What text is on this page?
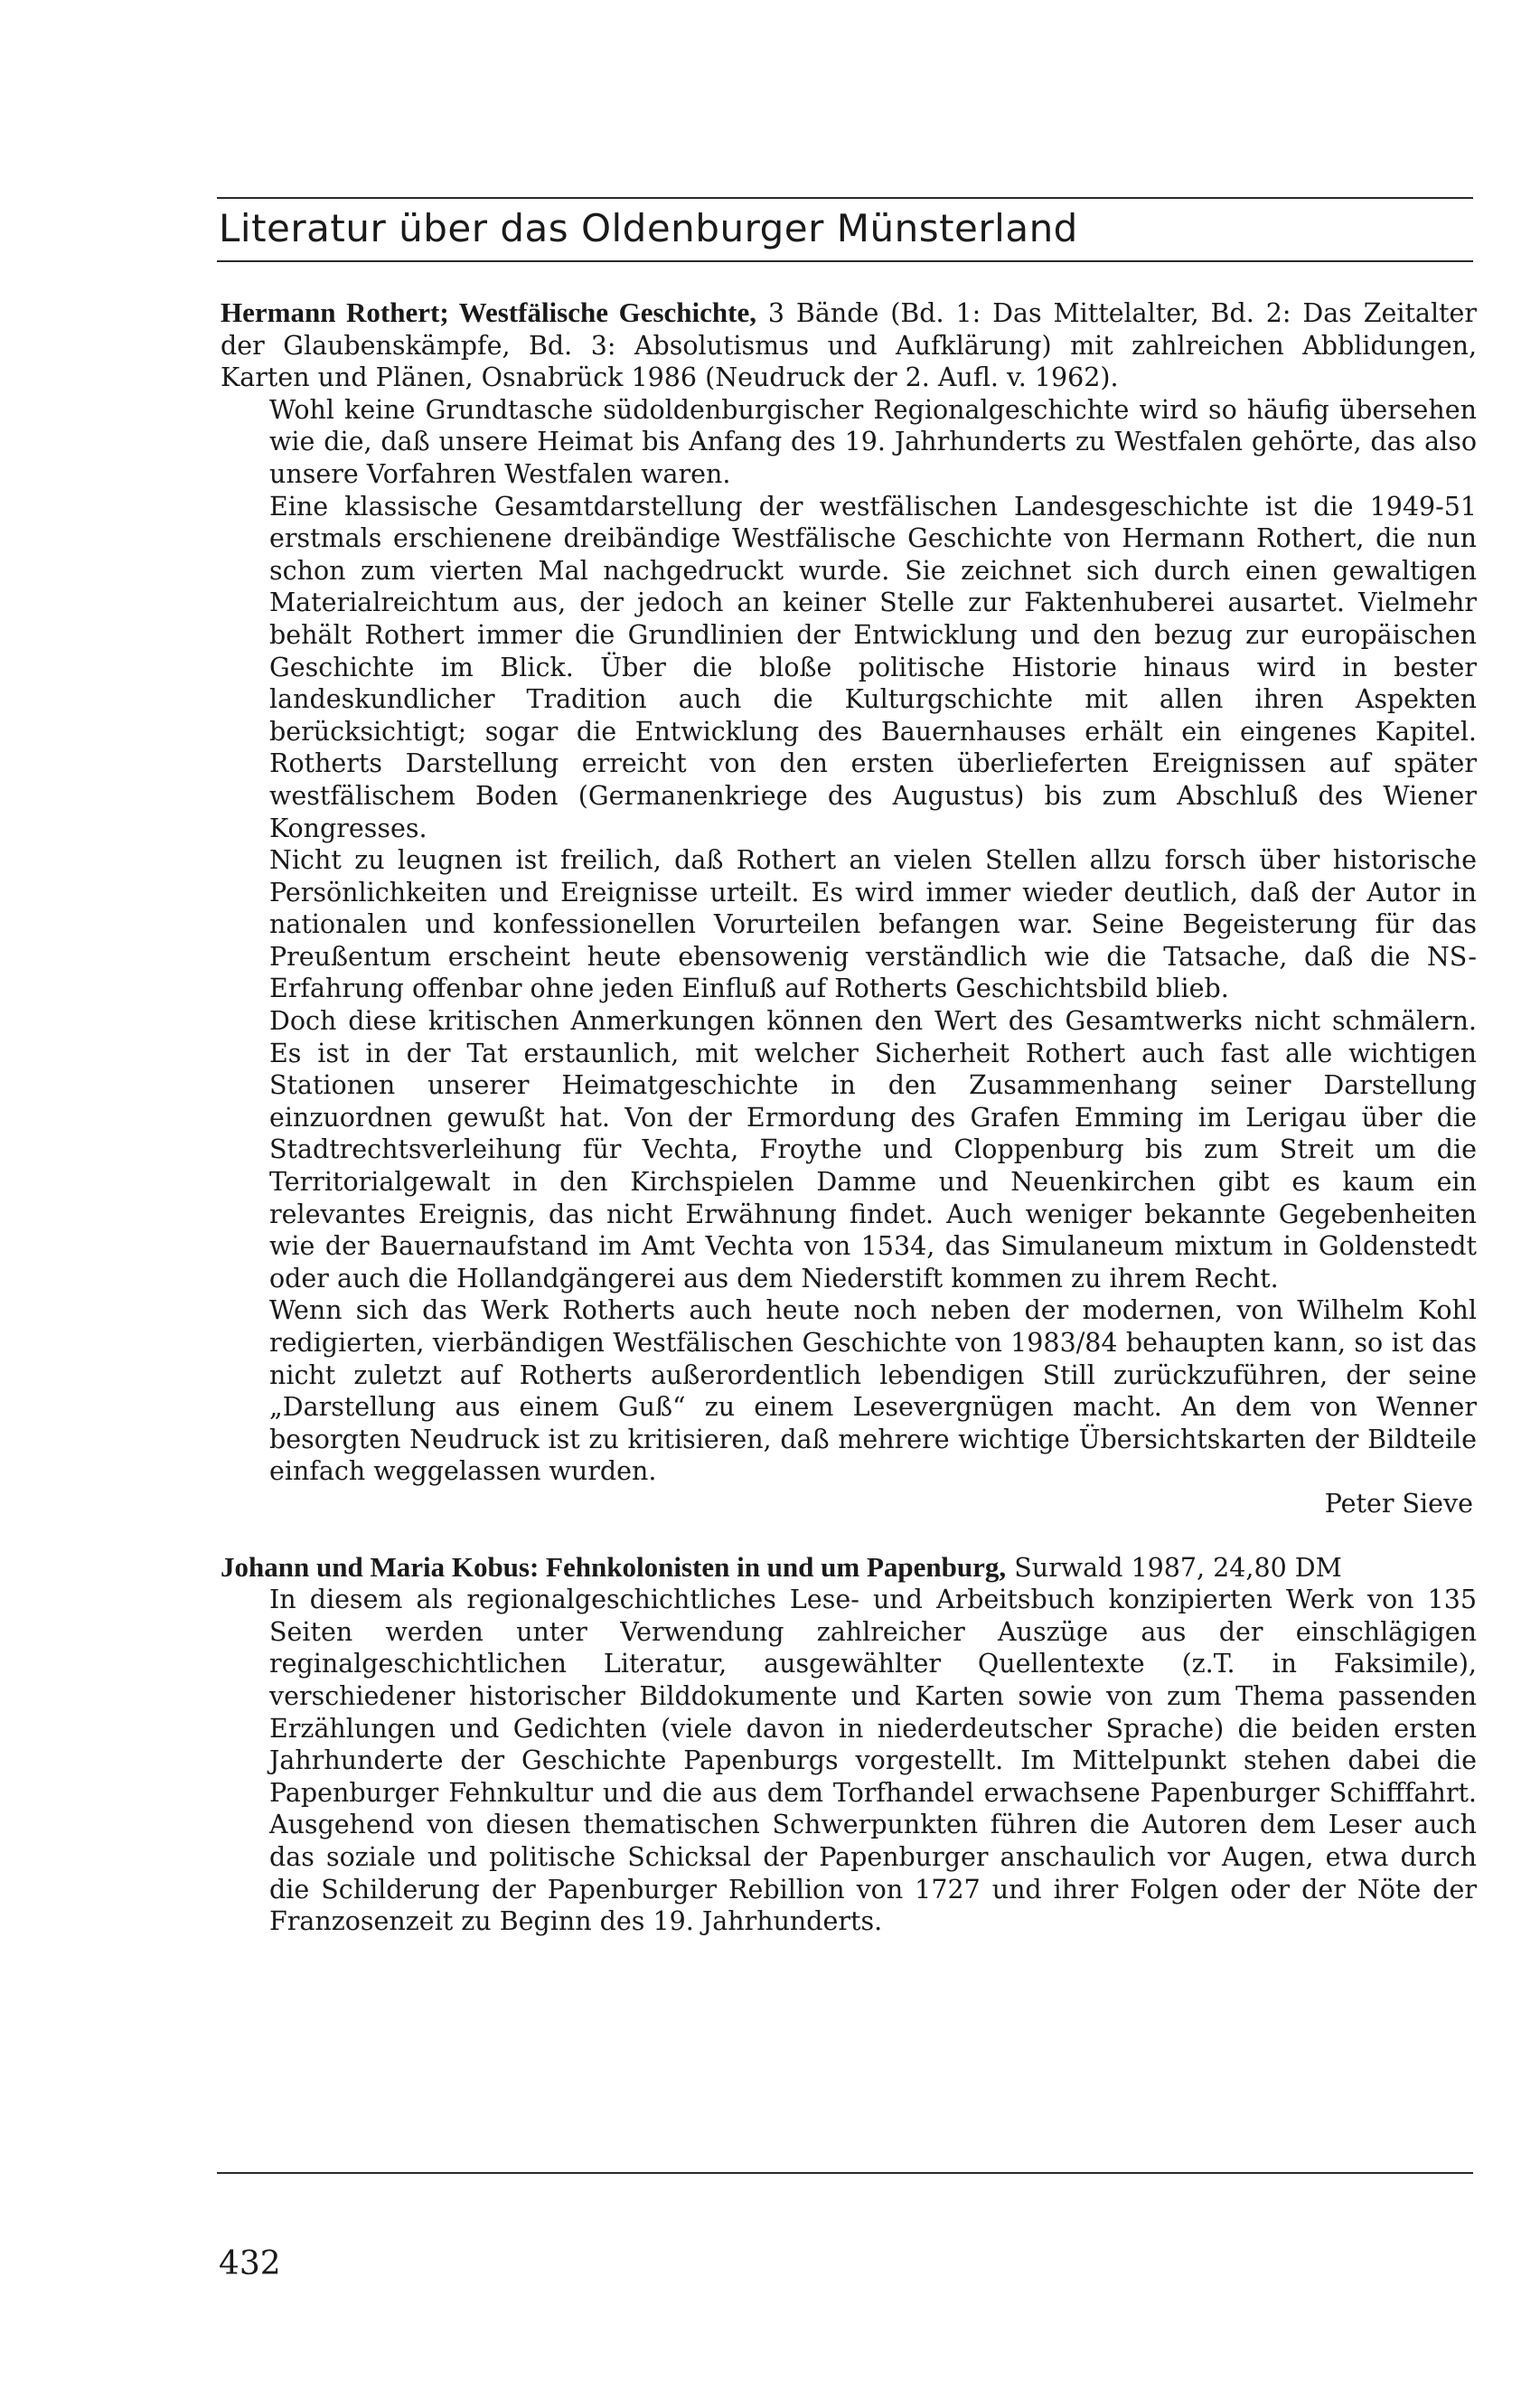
Literatur über das Oldenburger Münsterland

Hermann Rothert; Westfälische Geschichte, 3 Bände (Bd. 1: Das Mittelalter, Bd. 2: Das Zeitalter der Glaubenskämpfe, Bd. 3: Absolutismus und Aufklärung) mit zahlreichen Abblidungen, Karten und Plänen, Osnabrück 1986 (Neudruck der 2. Aufl. v. 1962).

Wohl keine Grundtasche südoldenburgischer Regionalgeschichte wird so häufig übersehen wie die, daß unsere Heimat bis Anfang des 19. Jahrhunderts zu Westfalen gehörte, das also unsere Vorfahren Westfalen waren.

Eine klassische Gesamtdarstellung der westfälischen Landesgeschichte ist die 1949-51 erstmals erschienene dreibändige Westfälische Geschichte von Hermann Rothert, die nun schon zum vierten Mal nachgedruckt wurde. Sie zeichnet sich durch einen gewaltigen Materialreichtum aus, der jedoch an keiner Stelle zur Faktenhuberei ausartet. Vielmehr behält Rothert immer die Grundlinien der Entwicklung und den bezug zur europäischen Geschichte im Blick. Über die bloße politische Historie hinaus wird in bester landeskundlicher Tradition auch die Kulturgschichte mit allen ihren Aspekten berücksichtigt; sogar die Entwicklung des Bauernhauses erhält ein eingenes Kapitel. Rotherts Darstellung erreicht von den ersten überlieferten Ereignissen auf später westfälischem Boden (Germanenkriege des Augustus) bis zum Abschluß des Wiener Kongresses.

Nicht zu leugnen ist freilich, daß Rothert an vielen Stellen allzu forsch über historische Persönlichkeiten und Ereignisse urteilt. Es wird immer wieder deutlich, daß der Autor in nationalen und konfessionellen Vorurteilen befangen war. Seine Begeisterung für das Preußentum erscheint heute ebensowenig verständlich wie die Tatsache, daß die NS-Erfahrung offenbar ohne jeden Einfluß auf Rotherts Geschichtsbild blieb.

Doch diese kritischen Anmerkungen können den Wert des Gesamtwerks nicht schmälern. Es ist in der Tat erstaunlich, mit welcher Sicherheit Rothert auch fast alle wichtigen Stationen unserer Heimatgeschichte in den Zusammenhang seiner Darstellung einzuordnen gewußt hat. Von der Ermordung des Grafen Emming im Lerigau über die Stadtrechtsverleihung für Vechta, Froythe und Cloppenburg bis zum Streit um die Territorialgewalt in den Kirchspielen Damme und Neuenkirchen gibt es kaum ein relevantes Ereignis, das nicht Erwähnung findet. Auch weniger bekannte Gegebenheiten wie der Bauernaufstand im Amt Vechta von 1534, das Simulaneum mixtum in Goldenstedt oder auch die Hollandgängerei aus dem Niederstift kommen zu ihrem Recht.

Wenn sich das Werk Rotherts auch heute noch neben der modernen, von Wilhelm Kohl redigierten, vierbändigen Westfälischen Geschichte von 1983/84 behaupten kann, so ist das nicht zuletzt auf Rotherts außerordentlich lebendigen Still zurückzuführen, der seine „Darstellung aus einem Guß“ zu einem Lesevergnügen macht. An dem von Wenner besorgten Neudruck ist zu kritisieren, daß mehrere wichtige Übersichtskarten der Bildteile einfach weggelassen wurden.

Peter Sieve

Johann und Maria Kobus: Fehnkolonisten in und um Papenburg, Surwald 1987, 24,80 DM

In diesem als regionalgeschichtliches Lese- und Arbeitsbuch konzipierten Werk von 135 Seiten werden unter Verwendung zahlreicher Auszüge aus der einschlägigen reginalgeschichtlichen Literatur, ausgewählter Quellentexte (z.T. in Faksimile), verschiedener historischer Bilddokumente und Karten sowie von zum Thema passenden Erzählungen und Gedichten (viele davon in niederdeutscher Sprache) die beiden ersten Jahrhunderte der Geschichte Papenburgs vorgestellt. Im Mittelpunkt stehen dabei die Papenburger Fehnkultur und die aus dem Torfhandel erwachsene Papenburger Schifffahrt. Ausgehend von diesen thematischen Schwerpunkten führen die Autoren dem Leser auch das soziale und politische Schicksal der Papenburger anschaulich vor Augen, etwa durch die Schilderung der Papenburger Rebillion von 1727 und ihrer Folgen oder der Nöte der Franzosenzeit zu Beginn des 19. Jahrhunderts.

432
